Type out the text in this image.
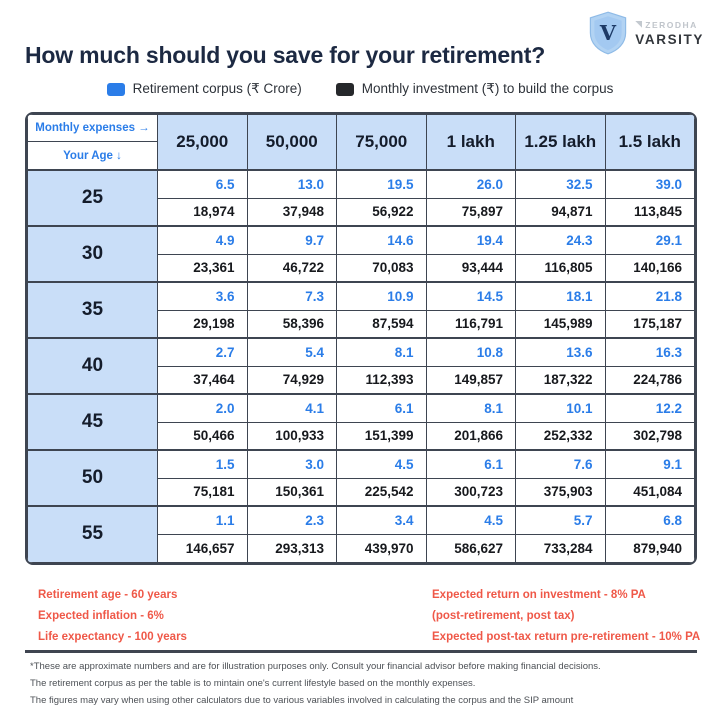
V	ZERODHA
VARSITY
How much should you save for your retirement?
Retirement corpus (₹ Crore)	Monthly investment (₹) to build the corpus
Monthly expenses →
Your Age ↓	25,000	50,000	75,000	1 lakh	1.25 lakh	1.5 lakh
25	6.5	13.0	19.5	26.0	32.5	39.0
	18,974	37,948	56,922	75,897	94,871	113,845
30	4.9	9.7	14.6	19.4	24.3	29.1
	23,361	46,722	70,083	93,444	116,805	140,166
35	3.6	7.3	10.9	14.5	18.1	21.8
	29,198	58,396	87,594	116,791	145,989	175,187
40	2.7	5.4	8.1	10.8	13.6	16.3
	37,464	74,929	112,393	149,857	187,322	224,786
45	2.0	4.1	6.1	8.1	10.1	12.2
	50,466	100,933	151,399	201,866	252,332	302,798
50	1.5	3.0	4.5	6.1	7.6	9.1
	75,181	150,361	225,542	300,723	375,903	451,084
55	1.1	2.3	3.4	4.5	5.7	6.8
	146,657	293,313	439,970	586,627	733,284	879,940
Retirement age - 60 years
Expected inflation - 6%
Life expectancy - 100 years
Expected return on investment - 8% PA
(post-retirement, post tax)
Expected post-tax return pre-retirement - 10% PA
*These are approximate numbers and are for illustration purposes only. Consult your financial advisor before making financial decisions.
The retirement corpus as per the table is to mintain one's current lifestyle based on the monthly expenses.
The figures may vary when using other calculators due to various variables involved in calculating the corpus and the SIP amount
